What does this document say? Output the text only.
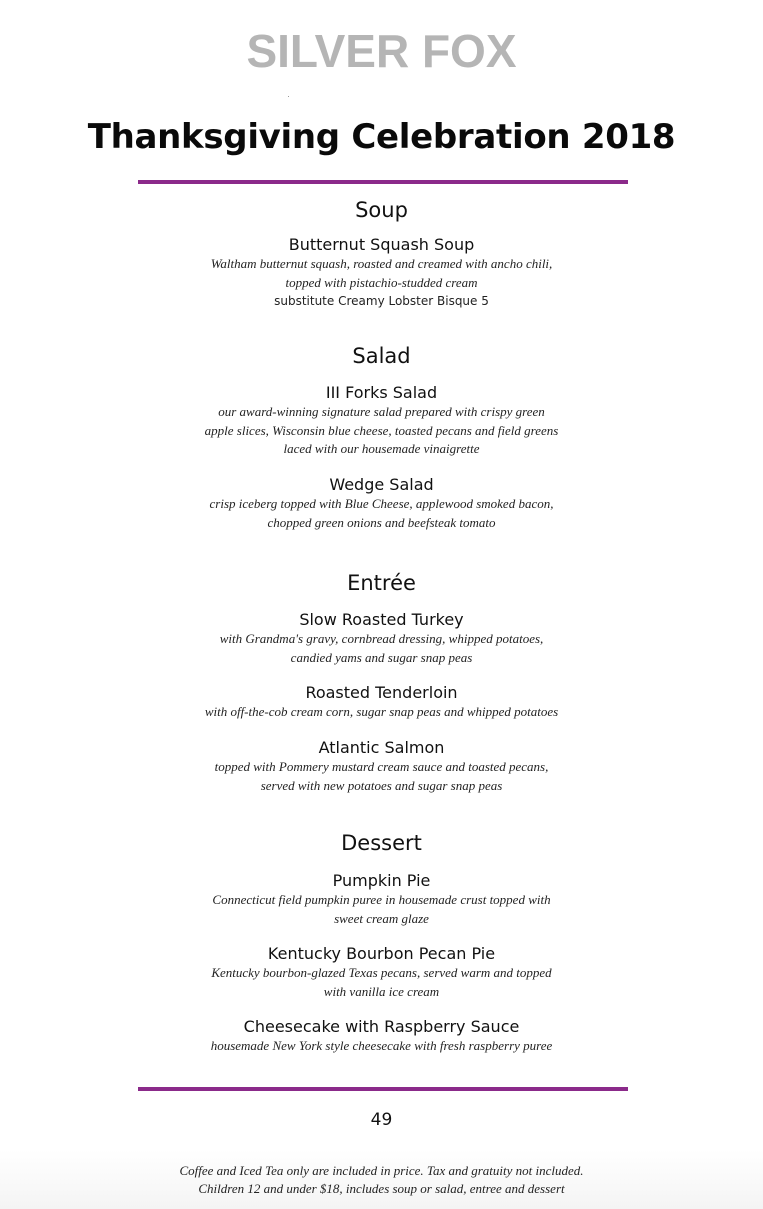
SILVER FOX
Thanksgiving Celebration 2018
Soup
Butternut Squash Soup
Waltham butternut squash, roasted and creamed with ancho chili,
topped with pistachio-studded cream
substitute Creamy Lobster Bisque 5
Salad
III Forks Salad
our award-winning signature salad prepared with crispy green
apple slices, Wisconsin blue cheese, toasted pecans and field greens
laced with our housemade vinaigrette
Wedge Salad
crisp iceberg topped with Blue Cheese, applewood smoked bacon,
chopped green onions and beefsteak tomato
Entrée
Slow Roasted Turkey
with Grandma's gravy, cornbread dressing, whipped potatoes,
candied yams and sugar snap peas
Roasted Tenderloin
with off-the-cob cream corn, sugar snap peas and whipped potatoes
Atlantic Salmon
topped with Pommery mustard cream sauce and toasted pecans,
served with new potatoes and sugar snap peas
Dessert
Pumpkin Pie
Connecticut field pumpkin puree in housemade crust topped with
sweet cream glaze
Kentucky Bourbon Pecan Pie
Kentucky bourbon-glazed Texas pecans, served warm and topped
with vanilla ice cream
Cheesecake with Raspberry Sauce
housemade New York style cheesecake with fresh raspberry puree
49
Coffee and Iced Tea only are included in price. Tax and gratuity not included.
Children 12 and under $18, includes soup or salad, entree and dessert
